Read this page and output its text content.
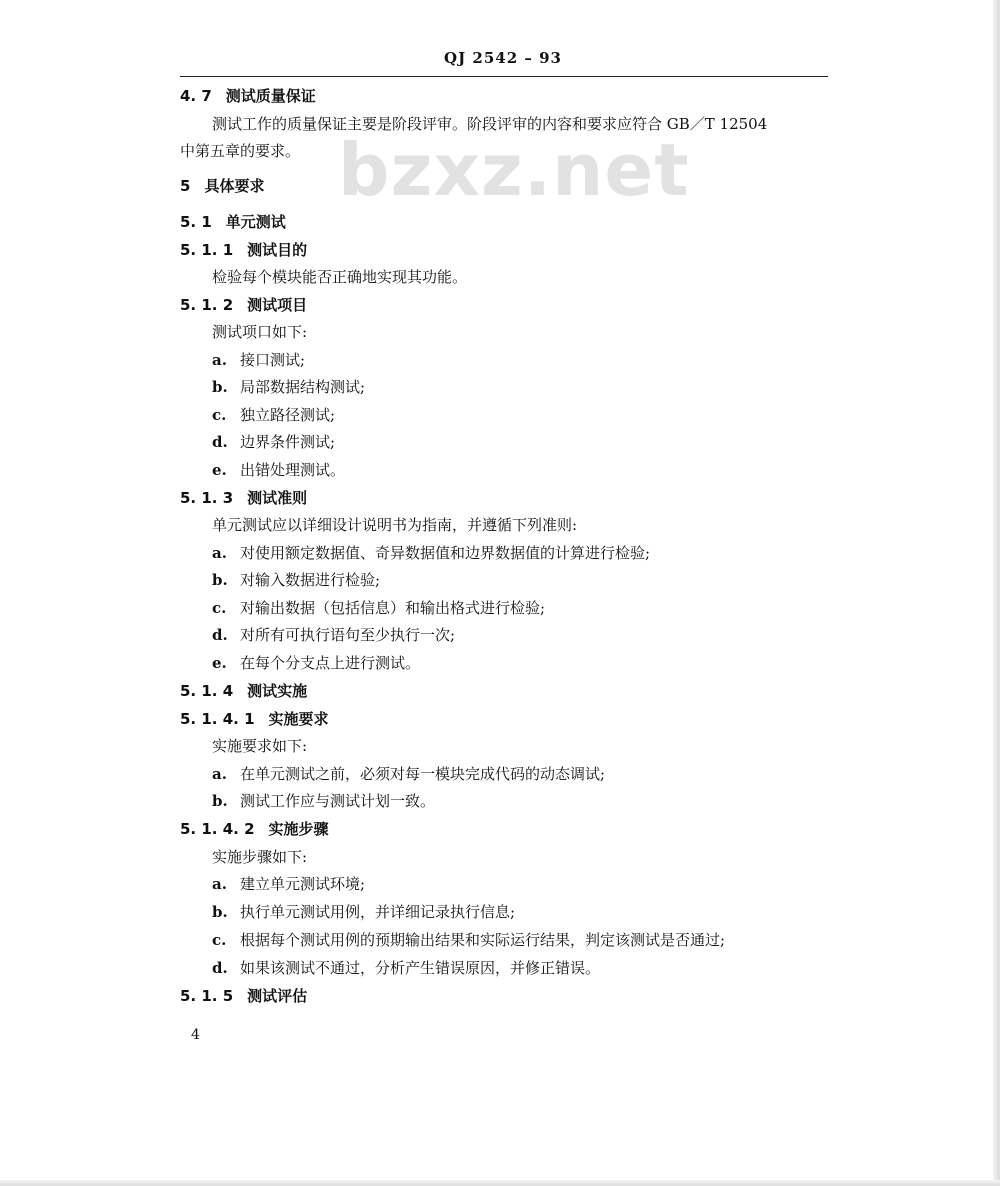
QJ 2542 – 93
bzxz.net
4. 7 测试质量保证
测试工作的质量保证主要是阶段评审。阶段评审的内容和要求应符合 GB／T 12504
中第五章的要求。
5 具体要求
5. 1 单元测试
5. 1. 1 测试目的
检验每个模块能否正确地实现其功能。
5. 1. 2 测试项目
测试项口如下:
a. 接口测试;
b. 局部数据结构测试;
c. 独立路径测试;
d. 边界条件测试;
e. 出错处理测试。
5. 1. 3 测试准则
单元测试应以详细设计说明书为指南，并遵循下列准则:
a. 对使用额定数据值、奇异数据值和边界数据值的计算进行检验;
b. 对输入数据进行检验;
c. 对输出数据（包括信息）和输出格式进行检验;
d. 对所有可执行语句至少执行一次;
e. 在每个分支点上进行测试。
5. 1. 4 测试实施
5. 1. 4. 1 实施要求
实施要求如下:
a. 在单元测试之前，必须对每一模块完成代码的动态调试;
b. 测试工作应与测试计划一致。
5. 1. 4. 2 实施步骤
实施步骤如下:
a. 建立单元测试环境;
b. 执行单元测试用例，并详细记录执行信息;
c. 根据每个测试用例的预期输出结果和实际运行结果，判定该测试是否通过;
d. 如果该测试不通过，分析产生错误原因，并修正错误。
5. 1. 5 测试评估
4
